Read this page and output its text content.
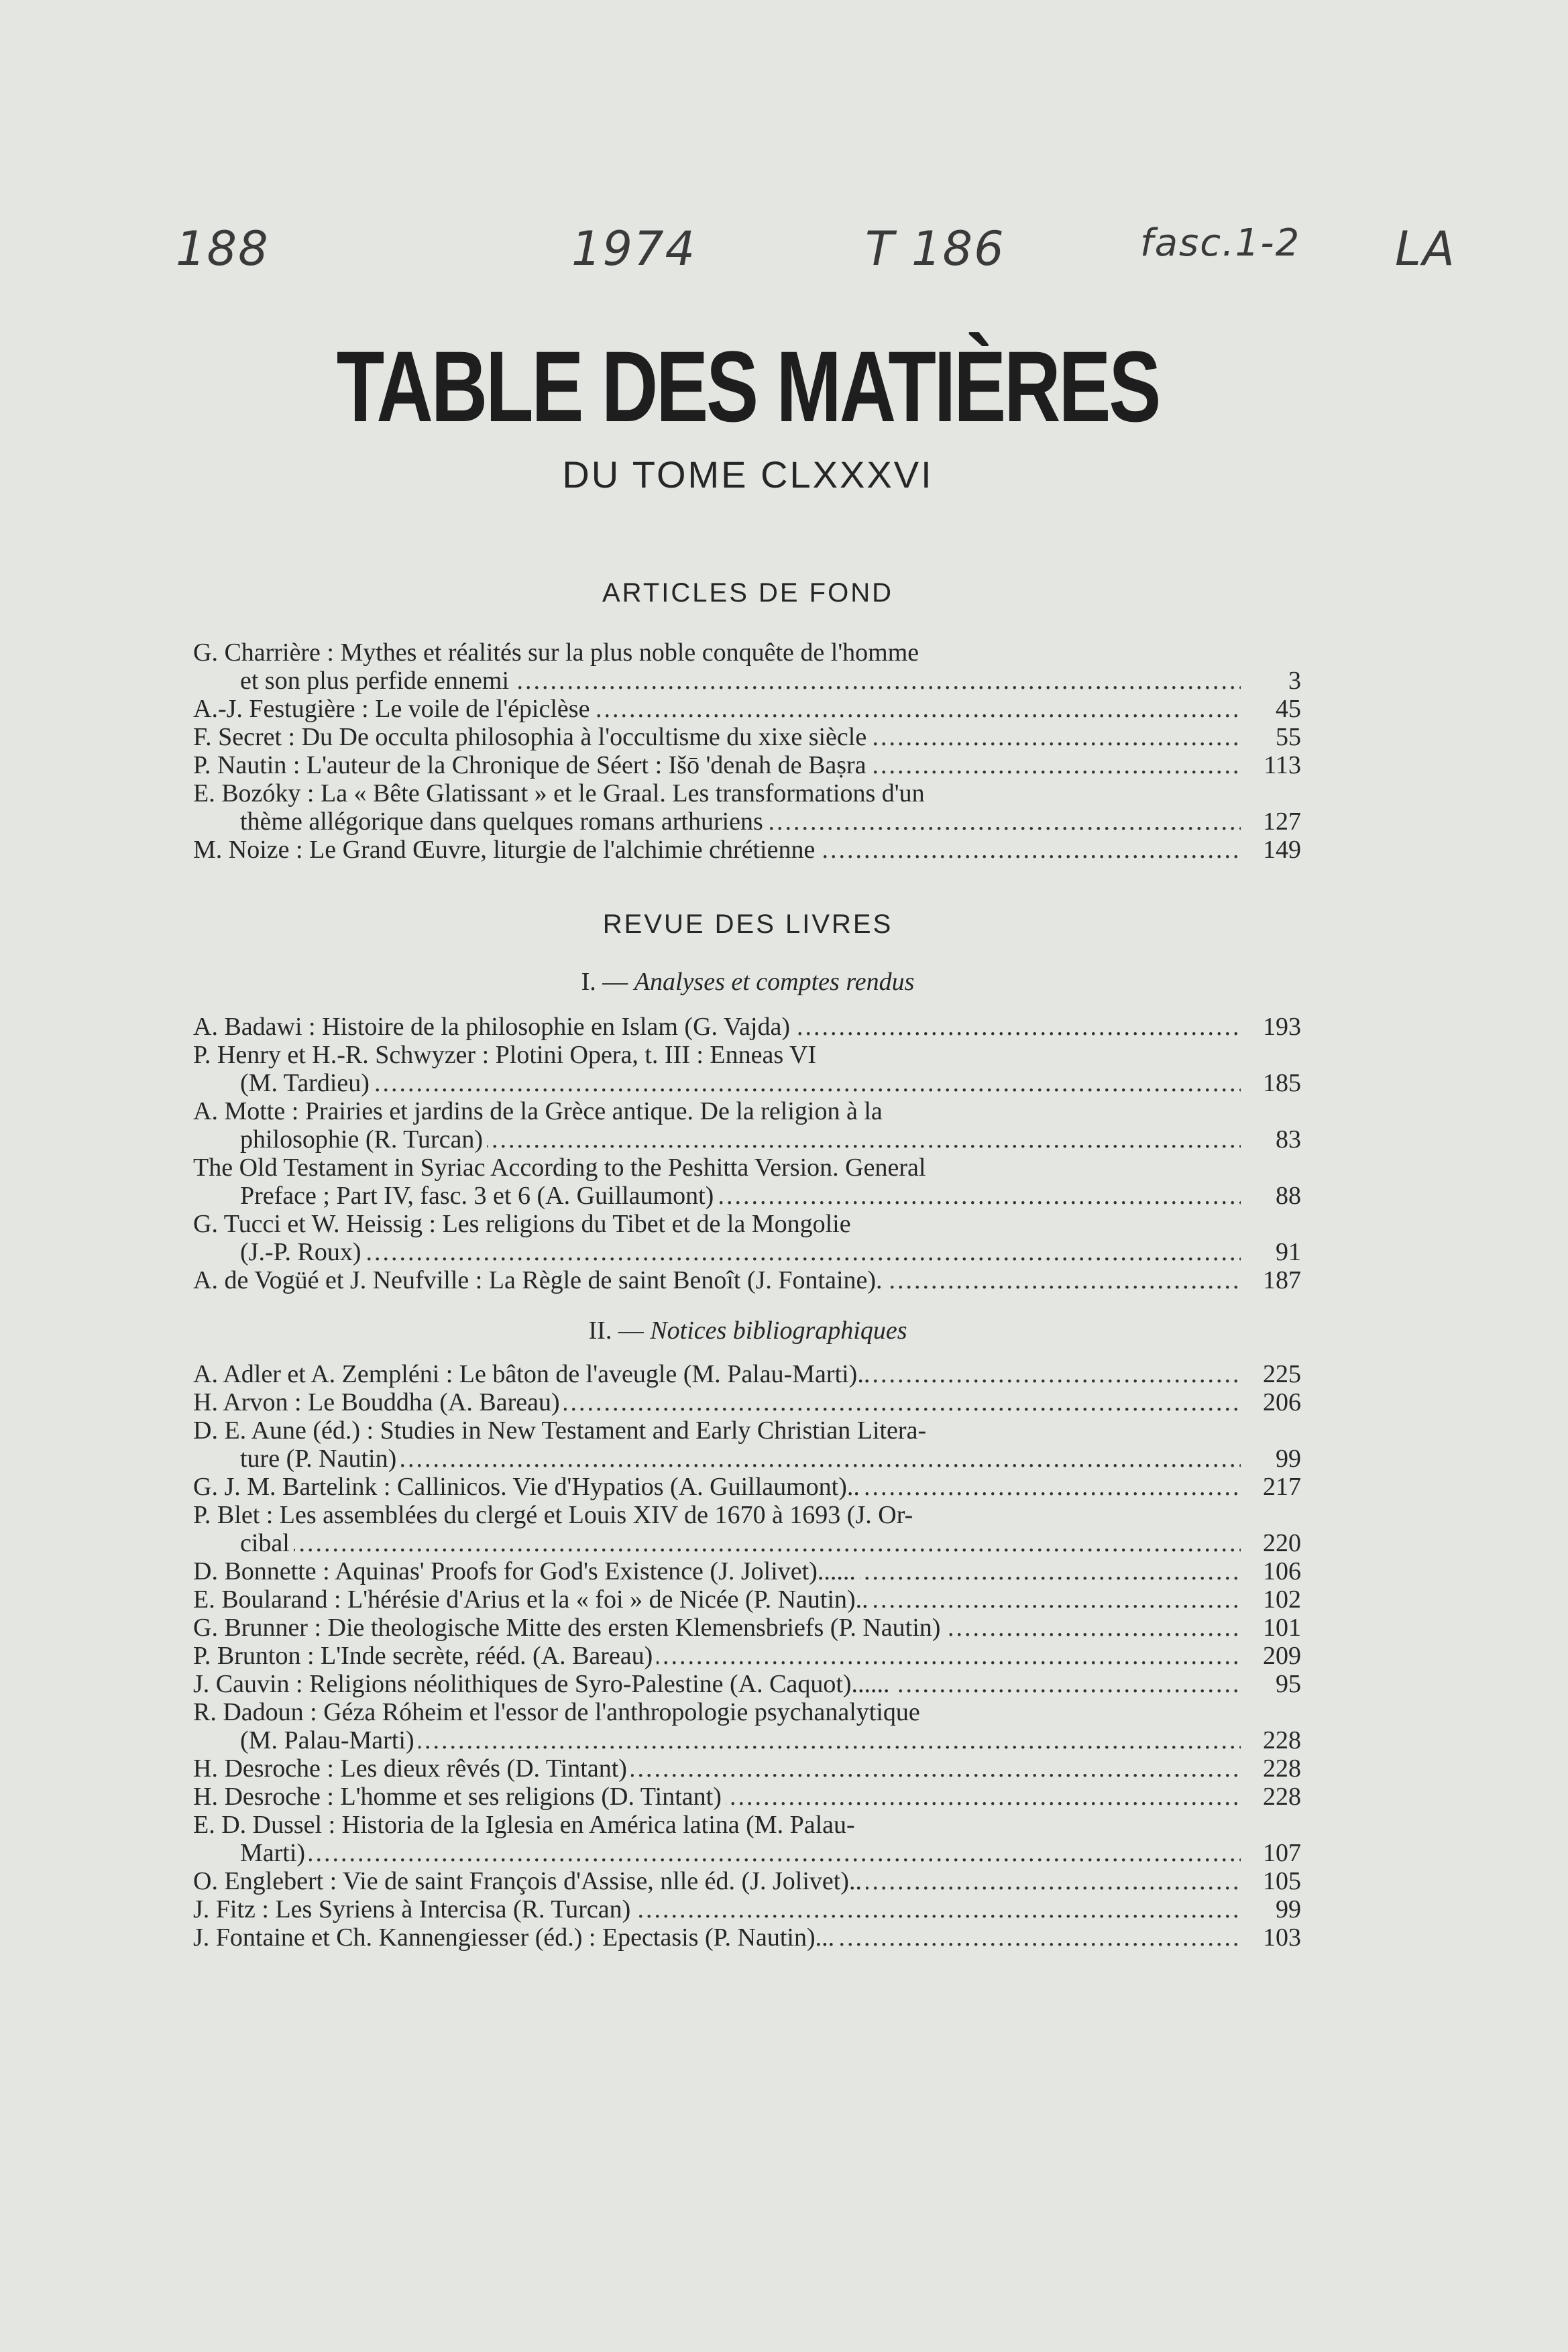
188	1974	T 186	fasc.1-2 LA
TABLE DES MATIÈRES
DU TOME CLXXXVI
ARTICLES DE FOND
G. Charrière : Mythes et réalités sur la plus noble conquête de l'homme
et son plus perfide ennemi .....	3
A.-J. Festugière : Le voile de l'épiclèse .....	45
F. Secret : Du De occulta philosophia à l'occultisme du xixe siècle .....	55
P. Nautin : L'auteur de la Chronique de Séert : Išō 'denah de Baṣra .....	113
E. Bozóky : La « Bête Glatissant » et le Graal. Les transformations d'un
thème allégorique dans quelques romans arthuriens .....	127
M. Noize : Le Grand Œuvre, liturgie de l'alchimie chrétienne .....	149
REVUE DES LIVRES
I. — Analyses et comptes rendus
A. Badawi : Histoire de la philosophie en Islam (G. Vajda) .....	193
P. Henry et H.-R. Schwyzer : Plotini Opera, t. III : Enneas VI
(M. Tardieu) .....	185
A. Motte : Prairies et jardins de la Grèce antique. De la religion à la
philosophie (R. Turcan) .....	83
The Old Testament in Syriac According to the Peshitta Version. General
Preface ; Part IV, fasc. 3 et 6 (A. Guillaumont) .....	88
G. Tucci et W. Heissig : Les religions du Tibet et de la Mongolie
(J.-P. Roux) .....	91
A. de Vogüé et J. Neufville : La Règle de saint Benoît (J. Fontaine). .....	187
II. — Notices bibliographiques
A. Adler et A. Zempléni : Le bâton de l'aveugle (M. Palau-Marti).. .....	225
H. Arvon : Le Bouddha (A. Bareau) .....	206
D. E. Aune (éd.) : Studies in New Testament and Early Christian Litera-
ture (P. Nautin) .....	99
G. J. M. Bartelink : Callinicos. Vie d'Hypatios (A. Guillaumont).. .....	217
P. Blet : Les assemblées du clergé et Louis XIV de 1670 à 1693 (J. Or-
cibal .....	220
D. Bonnette : Aquinas' Proofs for God's Existence (J. Jolivet)...... .....	106
E. Boularand : L'hérésie d'Arius et la « foi » de Nicée (P. Nautin).. .....	102
G. Brunner : Die theologische Mitte des ersten Klemensbriefs (P. Nautin) .....	101
P. Brunton : L'Inde secrète, rééd. (A. Bareau) .....	209
J. Cauvin : Religions néolithiques de Syro-Palestine (A. Caquot)...... .....	95
R. Dadoun : Géza Róheim et l'essor de l'anthropologie psychanalytique
(M. Palau-Marti) .....	228
H. Desroche : Les dieux rêvés (D. Tintant) .....	228
H. Desroche : L'homme et ses religions (D. Tintant) .....	228
E. D. Dussel : Historia de la Iglesia en América latina (M. Palau-
Marti) .....	107
O. Englebert : Vie de saint François d'Assise, nlle éd. (J. Jolivet).. .....	105
J. Fitz : Les Syriens à Intercisa (R. Turcan) .....	99
J. Fontaine et Ch. Kannengiesser (éd.) : Epectasis (P. Nautin)... .....	103
